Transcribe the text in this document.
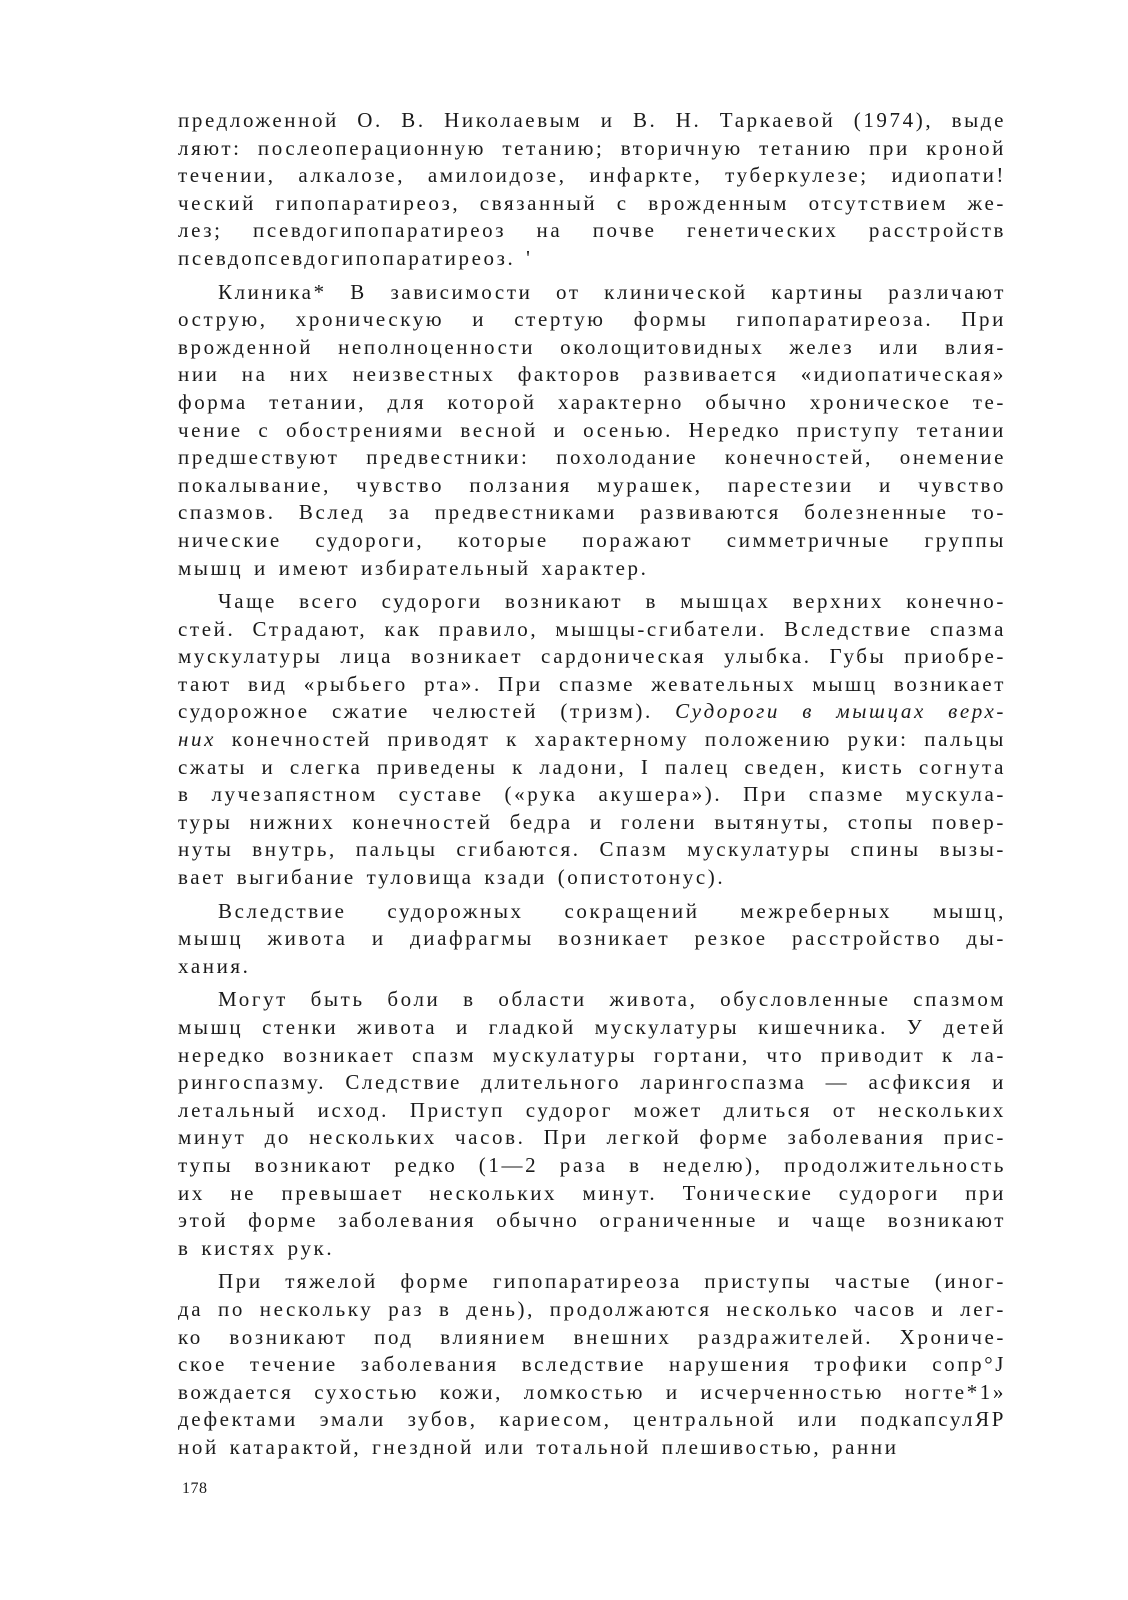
предложенной О. В. Николаевым и В. Н. Таркаевой (1974), выде
ляют: послеоперационную тетанию; вторичную тетанию при кроной
течении, алкалозе, амилоидозе, инфаркте, туберкулезе; идиопати!
ческий гипопаратиреоз, связанный с врожденным отсутствием же-
лез; псевдогипопаратиреоз на почве генетических расстройств
псевдопсевдогипопаратиреоз. '
Клиника* В зависимости от клинической картины различают
острую, хроническую и стертую формы гипопаратиреоза. При
врожденной неполноценности околощитовидных желез или влия-
нии на них неизвестных факторов развивается «идиопатическая»
форма тетании, для которой характерно обычно хроническое те-
чение с обострениями весной и осенью. Нередко приступу тетании
предшествуют предвестники: похолодание конечностей, онемение
покалывание, чувство ползания мурашек, парестезии и чувство
спазмов. Вслед за предвестниками развиваются болезненные то-
нические судороги, которые поражают симметричные группы
мышц и имеют избирательный характер.
Чаще всего судороги возникают в мышцах верхних конечно-
стей. Страдают, как правило, мышцы-сгибатели. Вследствие спазма
мускулатуры лица возникает сардоническая улыбка. Губы приобре-
тают вид «рыбьего рта». При спазме жевательных мышц возникает
судорожное сжатие челюстей (тризм). Судороги в мышцах верх-
них конечностей приводят к характерному положению руки: пальцы
сжаты и слегка приведены к ладони, I палец сведен, кисть согнута
в лучезапястном суставе («рука акушера»). При спазме мускула-
туры нижних конечностей бедра и голени вытянуты, стопы повер-
нуты внутрь, пальцы сгибаются. Спазм мускулатуры спины вызы-
вает выгибание туловища кзади (опистотонус).
Вследствие судорожных сокращений межреберных мышц,
мышц живота и диафрагмы возникает резкое расстройство ды-
хания.
Могут быть боли в области живота, обусловленные спазмом
мышц стенки живота и гладкой мускулатуры кишечника. У детей
нередко возникает спазм мускулатуры гортани, что приводит к ла-
рингоспазму. Следствие длительного ларингоспазма — асфиксия и
летальный исход. Приступ судорог может длиться от нескольких
минут до нескольких часов. При легкой форме заболевания прис-
тупы возникают редко (1—2 раза в неделю), продолжительность
их не превышает нескольких минут. Тонические судороги при
этой форме заболевания обычно ограниченные и чаще возникают
в кистях рук.
При тяжелой форме гипопаратиреоза приступы частые (иног-
да по нескольку раз в день), продолжаются несколько часов и лег-
ко возникают под влиянием внешних раздражителей. Хрониче-
ское течение заболевания вследствие нарушения трофики сопр°J
вождается сухостью кожи, ломкостью и исчерченностью ногте*1»
дефектами эмали зубов, кариесом, центральной или подкапсулЯР
ной катарактой, гнездной или тотальной плешивостью, ранни
178
